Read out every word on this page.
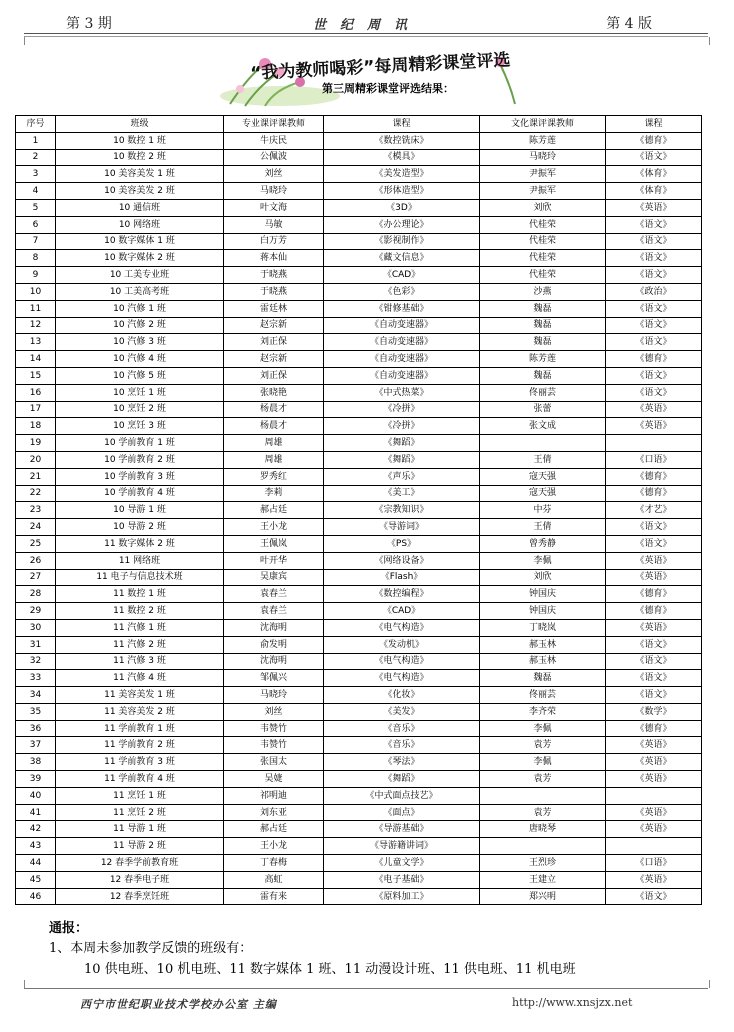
第 3 期	世纪周讯	第 4 版
“我为教师喝彩”每周精彩课堂评选
第三周精彩课堂评选结果：
序号	班级	专业课评课教师	课程	文化课评课教师	课程
1	10 数控 1 班	牛庆民	《数控铣床》	陈芳莲	《德育》
2	10 数控 2 班	公佩波	《模具》	马晓玲	《语文》
3	10 美容美发 1 班	刘丝	《美发造型》	尹振军	《体育》
4	10 美容美发 2 班	马晓玲	《形体造型》	尹振军	《体育》
5	10 通信班	叶文海	《3D》	刘欣	《英语》
6	10 网络班	马敏	《办公理论》	代桂荣	《语文》
7	10 数字媒体 1 班	白万芳	《影视制作》	代桂荣	《语文》
8	10 数字媒体 2 班	蒋本仙	《藏文信息》	代桂荣	《语文》
9	10 工美专业班	于晓燕	《CAD》	代桂荣	《语文》
10	10 工美高考班	于晓燕	《色彩》	沙燕	《政治》
11	10 汽修 1 班	雷廷林	《钳修基础》	魏磊	《语文》
12	10 汽修 2 班	赵宗新	《自动变速器》	魏磊	《语文》
13	10 汽修 3 班	刘正保	《自动变速器》	魏磊	《语文》
14	10 汽修 4 班	赵宗新	《自动变速器》	陈芳莲	《德育》
15	10 汽修 5 班	刘正保	《自动变速器》	魏磊	《语文》
16	10 烹饪 1 班	张晓艳	《中式热菜》	佟丽芸	《语文》
17	10 烹饪 2 班	杨晨才	《冷拼》	张蕾	《英语》
18	10 烹饪 3 班	杨晨才	《冷拼》	张文成	《英语》
19	10 学前教育 1 班	周雄	《舞蹈》		
20	10 学前教育 2 班	周雄	《舞蹈》	王倩	《口语》
21	10 学前教育 3 班	罗秀红	《声乐》	寇天强	《德育》
22	10 学前教育 4 班	李莉	《美工》	寇天强	《德育》
23	10 导游 1 班	郝占廷	《宗教知识》	中芬	《才艺》
24	10 导游 2 班	王小龙	《导游词》	王倩	《语文》
25	11 数字媒体 2 班	王佩岚	《PS》	曾秀静	《语文》
26	11 网络班	叶开华	《网络设备》	李佩	《英语》
27	11 电子与信息技术班	吴康宾	《Flash》	刘欣	《英语》
28	11 数控 1 班	袁春兰	《数控编程》	钟国庆	《德育》
29	11 数控 2 班	袁春兰	《CAD》	钟国庆	《德育》
30	11 汽修 1 班	沈海明	《电气构造》	丁晓岚	《英语》
31	11 汽修 2 班	俞发明	《发动机》	郝玉林	《语文》
32	11 汽修 3 班	沈海明	《电气构造》	郝玉林	《语文》
33	11 汽修 4 班	邹佩兴	《电气构造》	魏磊	《语文》
34	11 美容美发 1 班	马晓玲	《化妆》	佟丽芸	《语文》
35	11 美容美发 2 班	刘丝	《美发》	李齐荣	《数学》
36	11 学前教育 1 班	韦赞竹	《音乐》	李佩	《德育》
37	11 学前教育 2 班	韦赞竹	《音乐》	袁芳	《英语》
38	11 学前教育 3 班	张国太	《琴法》	李佩	《英语》
39	11 学前教育 4 班	吴婕	《舞蹈》	袁芳	《英语》
40	11 烹饪 1 班	祁明迪	《中式面点技艺》		
41	11 烹饪 2 班	刘东亚	《面点》	袁芳	《英语》
42	11 导游 1 班	郝占廷	《导游基础》	唐晓琴	《英语》
43	11 导游 2 班	王小龙	《导游籍讲词》		
44	12 春季学前教育班	丁春梅	《儿童文学》	王烈珍	《口语》
45	12 春季电子班	高虹	《电子基础》	王建立	《英语》
46	12 春季烹饪班	雷有来	《原料加工》	郑兴明	《语文》
通报：
1、本周未参加教学反馈的班级有：
10 供电班、10 机电班、11 数字媒体 1 班、11 动漫设计班、11 供电班、11 机电班
西宁市世纪职业技术学校办公室 主编	http://www.xnsjzx.net
